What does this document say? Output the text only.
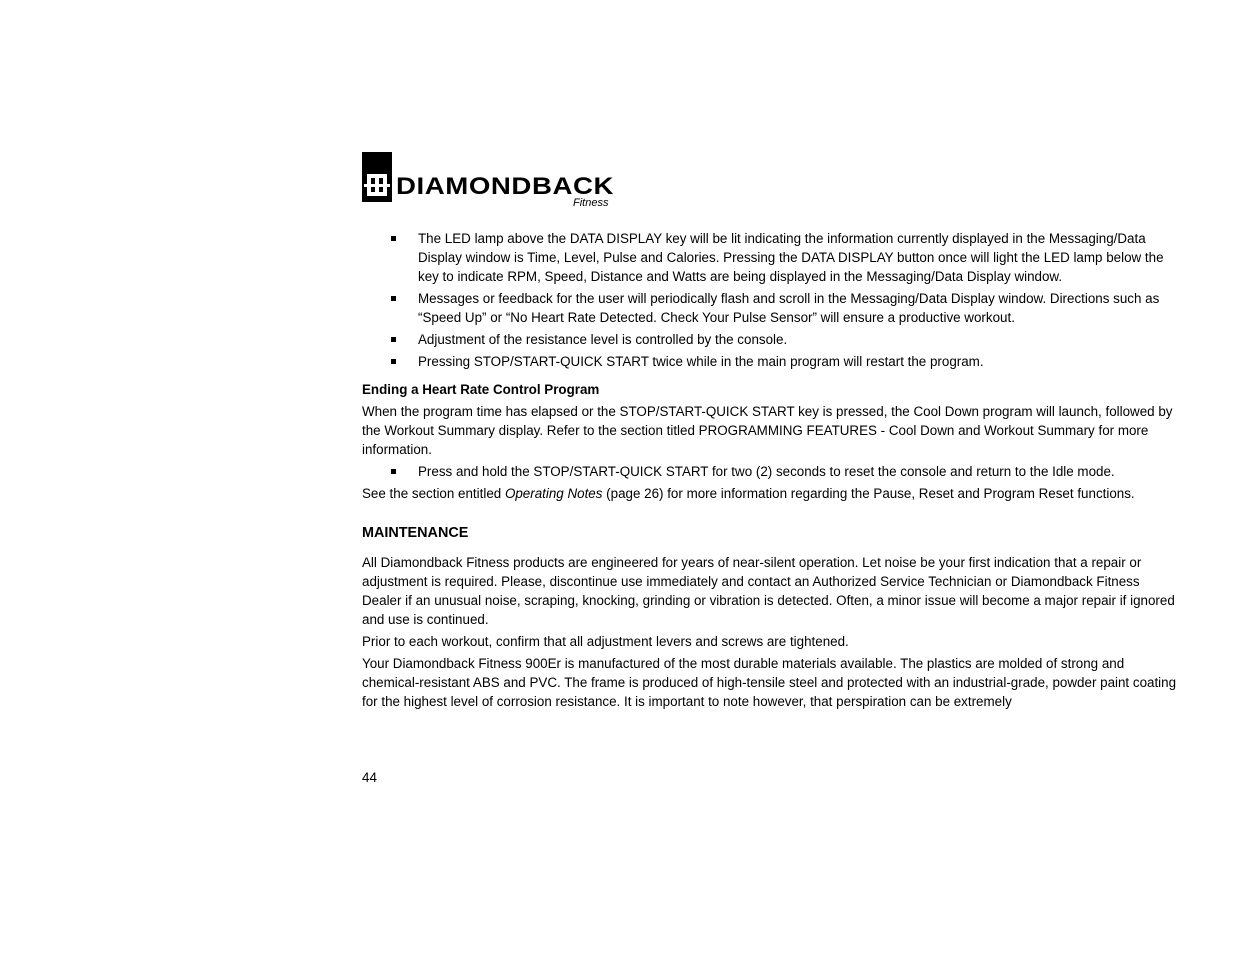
DIAMONDBACK
Fitness
The LED lamp above the DATA DISPLAY key will be lit indicating the information currently displayed in the Messaging/Data Display window is Time, Level, Pulse and Calories. Pressing the DATA DISPLAY button once will light the LED lamp below the key to indicate RPM, Speed, Distance and Watts are being displayed in the Messaging/Data Display window.
Messages or feedback for the user will periodically flash and scroll in the Messaging/Data Display window. Directions such as “Speed Up” or “No Heart Rate Detected. Check Your Pulse Sensor” will ensure a productive workout.
Adjustment of the resistance level is controlled by the console.
Pressing STOP/START-QUICK START twice while in the main program will restart the program.
Ending a Heart Rate Control Program

When the program time has elapsed or the STOP/START-QUICK START key is pressed, the Cool Down program will launch, followed by the Workout Summary display. Refer to the section titled PROGRAMMING FEATURES - Cool Down and Workout Summary for more information.

Press and hold the STOP/START-QUICK START for two (2) seconds to reset the console and return to the Idle mode.

See the section entitled Operating Notes (page 26) for more information regarding the Pause, Reset and Program Reset functions.

MAINTENANCE

All Diamondback Fitness products are engineered for years of near-silent operation. Let noise be your first indication that a repair or adjustment is required. Please, discontinue use immediately and contact an Authorized Service Technician or Diamondback Fitness Dealer if an unusual noise, scraping, knocking, grinding or vibration is detected. Often, a minor issue will become a major repair if ignored and use is continued.

Prior to each workout, confirm that all adjustment levers and screws are tightened.

Your Diamondback Fitness 900Er is manufactured of the most durable materials available. The plastics are molded of strong and chemical-resistant ABS and PVC. The frame is produced of high-tensile steel and protected with an industrial-grade, powder paint coating for the highest level of corrosion resistance. It is important to note however, that perspiration can be extremely

44
